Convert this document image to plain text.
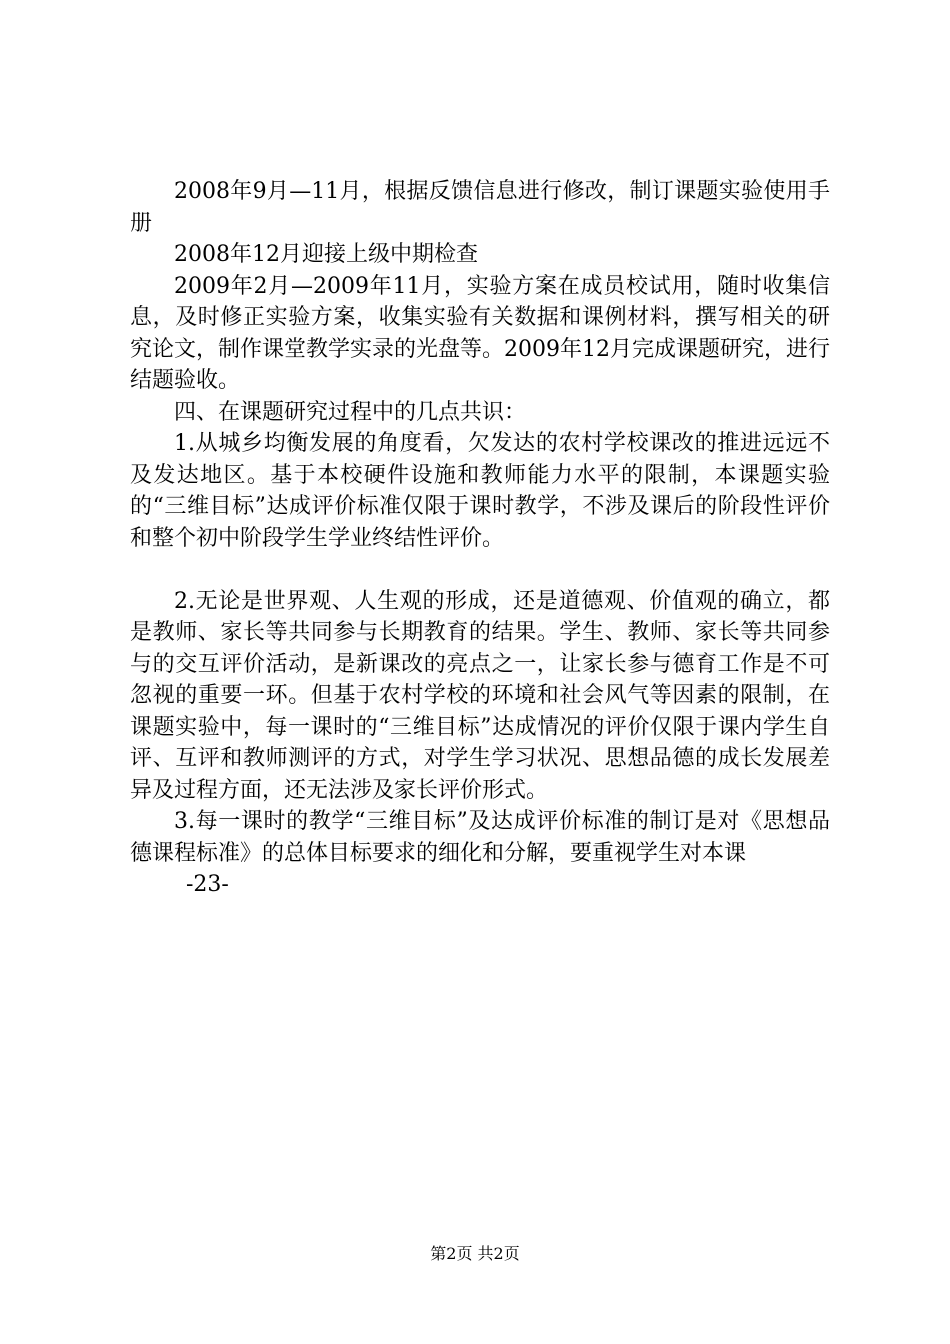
2008年9月—11月，根据反馈信息进行修改，制订课题实验使用手册

2008年12月迎接上级中期检查

2009年2月—2009年11月，实验方案在成员校试用，随时收集信息，及时修正实验方案，收集实验有关数据和课例材料，撰写相关的研究论文，制作课堂教学实录的光盘等。2009年12月完成课题研究，进行结题验收。

四、在课题研究过程中的几点共识：

1.从城乡均衡发展的角度看，欠发达的农村学校课改的推进远远不及发达地区。基于本校硬件设施和教师能力水平的限制，本课题实验的“三维目标”达成评价标准仅限于课时教学，不涉及课后的阶段性评价和整个初中阶段学生学业终结性评价。

2.无论是世界观、人生观的形成，还是道德观、价值观的确立，都是教师、家长等共同参与长期教育的结果。学生、教师、家长等共同参与的交互评价活动，是新课改的亮点之一，让家长参与德育工作是不可忽视的重要一环。但基于农村学校的环境和社会风气等因素的限制，在课题实验中，每一课时的“三维目标”达成情况的评价仅限于课内学生自评、互评和教师测评的方式，对学生学习状况、思想品德的成长发展差异及过程方面，还无法涉及家长评价形式。

3.每一课时的教学“三维目标”及达成评价标准的制订是对《思想品德课程标准》的总体目标要求的细化和分解，要重视学生对本课

-23-

第2页 共2页
